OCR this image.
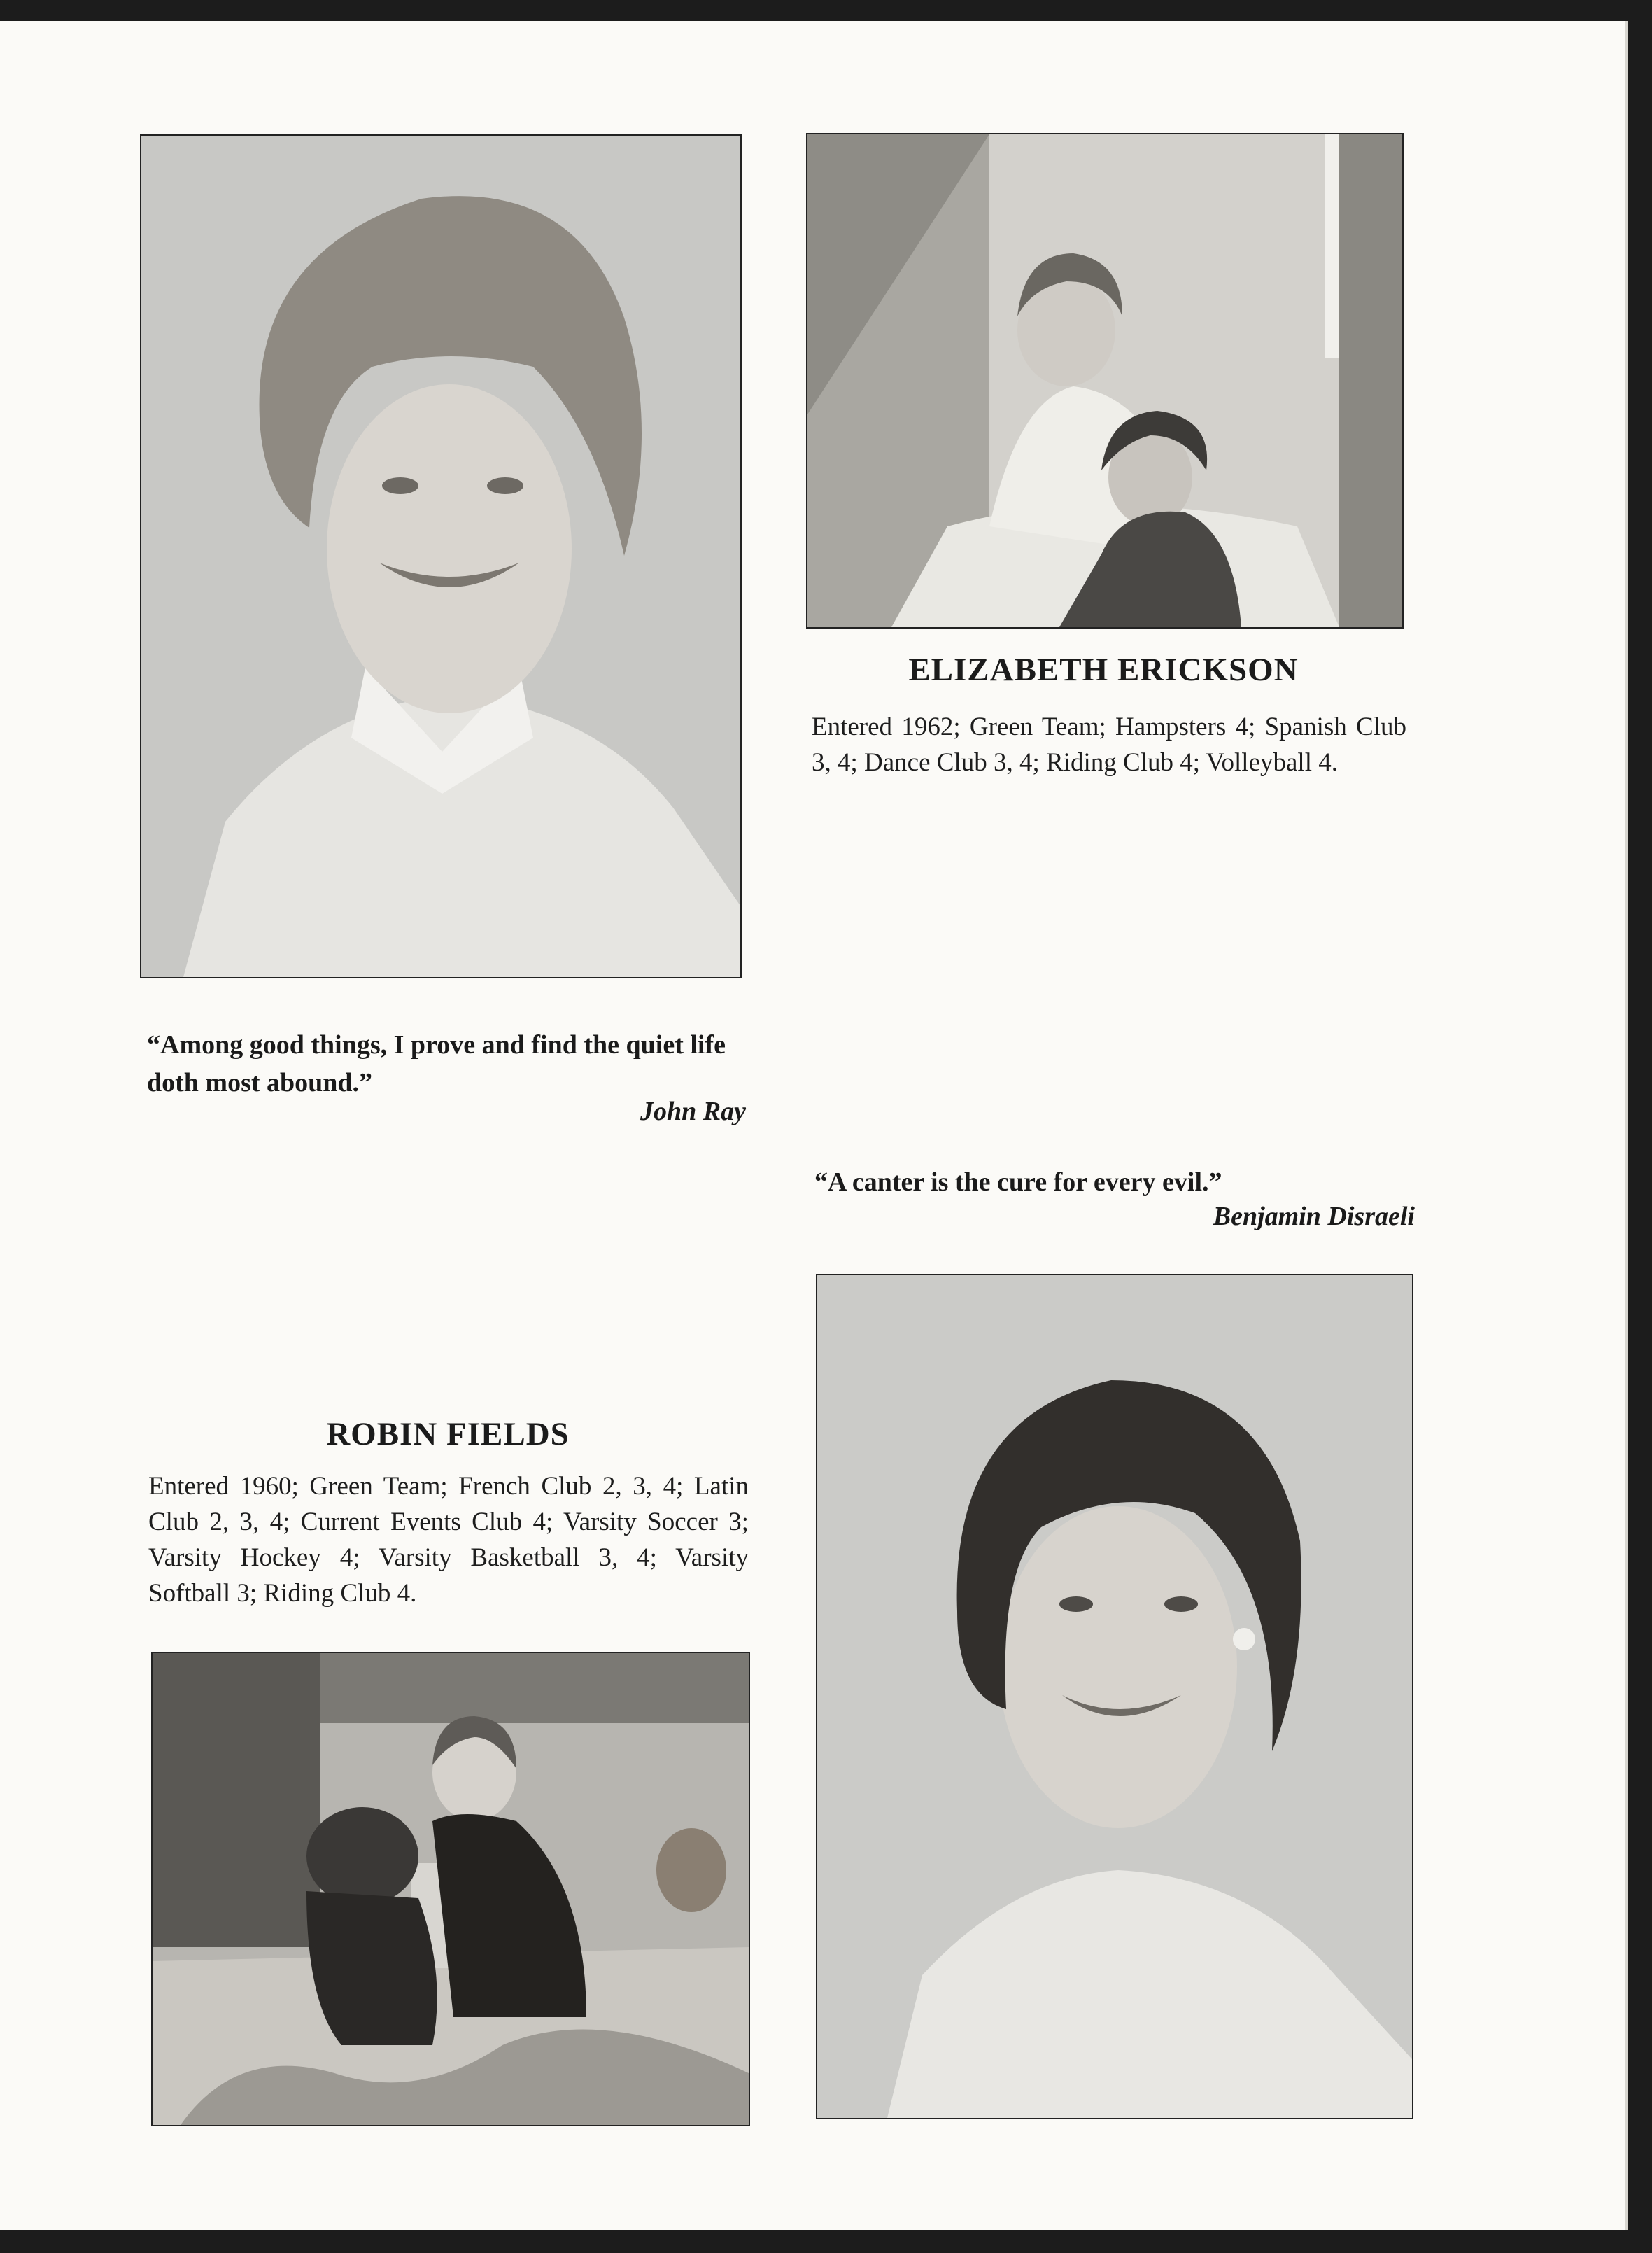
ELIZABETH ERICKSON

Entered 1962; Green Team; Hampsters 4; Spanish Club 3, 4; Dance Club 3, 4; Riding Club 4; Volleyball 4.

“Among good things, I prove and find the quiet life doth most abound.”

John Ray

“A canter is the cure for every evil.”

Benjamin Disraeli

ROBIN FIELDS

Entered 1960; Green Team; French Club 2, 3, 4; Latin Club 2, 3, 4; Current Events Club 4; Varsity Soccer 3; Varsity Hockey 4; Varsity Basketball 3, 4; Varsity Softball 3; Riding Club 4.
